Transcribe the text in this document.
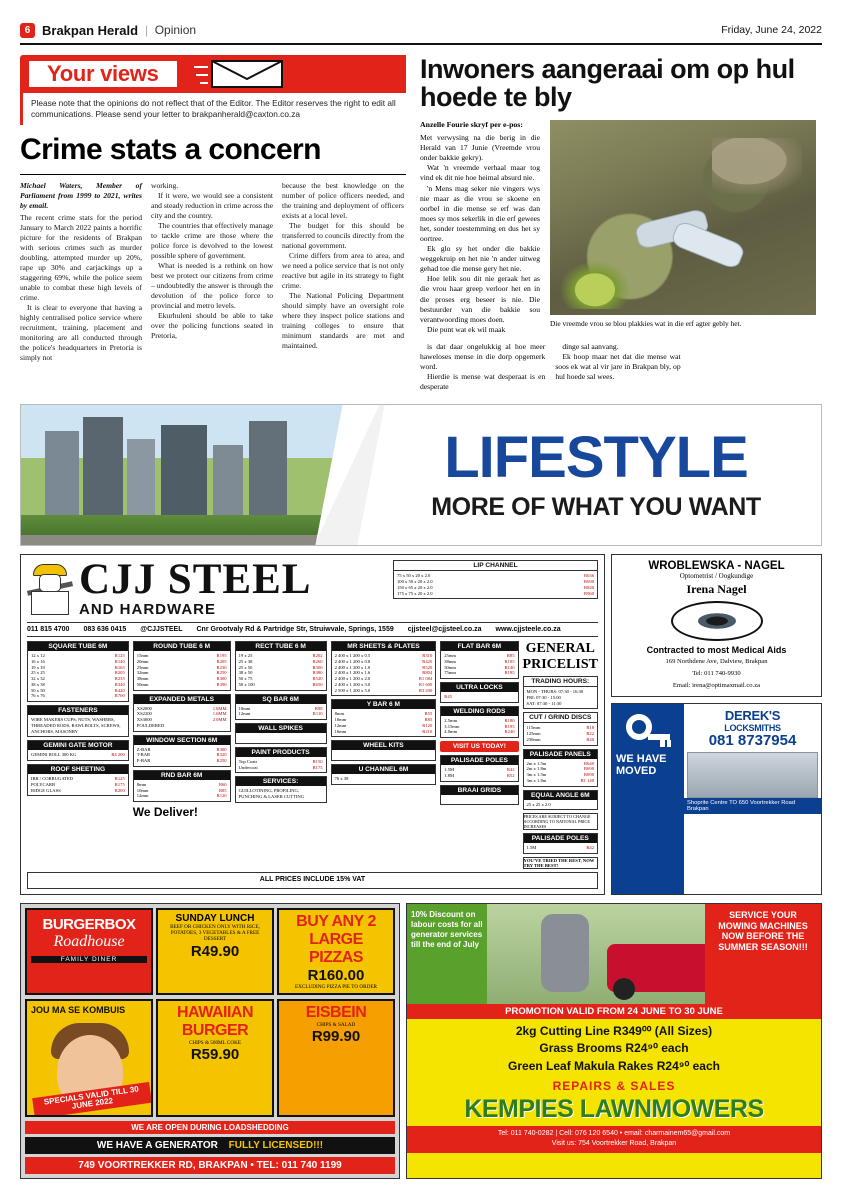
6 Brakpan Herald | Opinion	Friday, June 24, 2022
Your views
Please note that the opinions do not reflect that of the Editor. The Editor reserves the right to edit all communications. Please send your letter to brakpanherald@caxton.co.za
Crime stats a concern
Michael Waters, Member of Parliament from 1999 to 2021, writes by email.

The recent crime stats for the period January to March 2022 paints a horrific picture for the residents of Brakpan with serious crimes such as murder doubling, attempted murder up 20%, rape up 30% and carjackings up a staggering 69%, while the police seem unable to combat these high levels of crime.

It is clear to everyone that having a highly centralised police service where recruitment, training, placement and monitoring are all conducted through the police's headquarters in Pretoria is simply not

working.

If it were, we would see a consistent and steady reduction in crime across the city and the country.

The countries that effectively manage to tackle crime are those where the police force is devolved to the lowest possible sphere of government.

What is needed is a rethink on how best we protect our citizens from crime – undoubtedly the answer is through the devolution of the police force to provincial and metro levels.

Ekurhuleni should be able to take over the policing functions seated in Pretoria,

because the best knowledge on the number of police officers needed, and the training and deployment of officers exists at a local level.

The budget for this should be transferred to councils directly from the national government.

Crime differs from area to area, and we need a police service that is not only reactive but agile in its strategy to fight crime.

The National Policing Department should simply have an oversight role where they inspect police stations and training colleges to ensure that minimum standards are met and maintained.

Inwoners aangeraai om op hul hoede te bly
Anzelle Fourie skryf per e-pos:

Met verwysing na die berig in die Herald van 17 Junie (Vreemde vrou onder bakkie gekry).

Wat 'n vreemde verhaal maar tog vind ek dit nie hoe heimal absurd nie.

'n Mens mag seker nie vingers wys nie maar as die vrou se skoene en oorbel in die mense se erf was dan moes sy mos sekerlik in die erf gewees het, sonder toestemming en dus het sy oortree.

Ek glo sy het onder die bakkie weggekruip en het nie 'n ander uitweg gehad toe die mense gery het nie.

Hoe lelik sou dit nie geraak het as die vrou haar greep verloor het en in die proses erg beseer is nie. Die bestuurder van die bakkie sou verantwoording moes doen.

Die punt wat ek wil maak

Die vreemde vrou se blou plakkies wat in die erf agter gebly het.

is dat daar ongelukkig al hoe meer haweloses mense in die dorp opgemerk word.

Hierdie is mense wat desperaat is en desperate

dinge sal aanvang.

Ek hoop maar net dat die mense wat soos ek wat al vir jare in Brakpan bly, op hul hoede sal wees.

LIFESTYLE
MORE OF WHAT YOU WANT
CJJ STEEL
AND HARDWARE
LIP CHANNEL
75 x 50 x 20 x 2.0	R636
100 x 50 x 20 x 2.0	R690
150 x 65 x 20 x 2.0	R840
175 x 75 x 20 x 2.0	R960
011 815 4700 083 636 0415 @CJJSTEEL Cnr Grootvaly Rd & Partridge Str, Struiwvale, Springs, 1559 cjjsteel@cjjsteel.co.za www.cjjsteele.co.za
SQUARE TUBE 6M
12 x 12	R125
16 x 16	R140
19 x 19	R165
25 x 25	R205
32 x 32	R235
38 x 38	R340
50 x 50	R420
76 x 76	R700
FASTENERS
WIRE MAKERS CUPS, NUTS, WASHERS, THREADED RODS, RAWLBOLTS, SCREWS, ANCHORS, MASONRY
GEMINI GATE MOTOR
GEMINI ROLL 300 KG	R4 200
ROOF SHEETING
IBR / CORRUGATED	R125
POLYCARB	R175
RIDGE GLASS	R200
ROUND TUBE 6 M
15mm	R195
20mm	R205
25mm	R230
32mm	R250
38mm	R300
50mm	R390
EXPANDED METALS
XS2000	1.6MM
XS2200	1.6MM
XS3000	2.0MM
POULDERED
WINDOW SECTION 6M
Z-BAR	R300
T-BAR	R320
F-BAR	R250
RND BAR 6M
8mm	R60
10mm	R85
12mm	R120
We Deliver!
RECT TUBE 6 M
19 x 25	R202
25 x 38	R260
25 x 50	R300
38 x 50	R380
50 x 75	R520
50 x 100	R650
SQ BAR 6M
10mm	R88
12mm	R110
WALL SPIKES

PAINT PRODUCTS
Top Coats	R150
Undercoat	R175
SERVICES:
GUILLOTINING, PROFILING, PUNCHING & LASER CUTTING
MR SHEETS & PLATES
2 400 x 1 200 x 0.5	R310
2 400 x 1 200 x 0.8	R420
2 400 x 1 200 x 1.0	R520
2 400 x 1 200 x 1.6	R804
2 400 x 1 200 x 2.0	R1 084
2 400 x 1 200 x 3.0	R1 600
2 500 x 1 200 x 5.0	R3 200
Y BAR 6 M
8mm	R55
10mm	R85
12mm	R120
16mm	R210
WHEEL KITS

U CHANNEL 6M
76 x 38
FLAT BAR 6M
25mm	R85
38mm	R105
50mm	R140
75mm	R195
ULTRA LOCKS
R45
WELDING RODS
2.5mm	R180
3.15mm	R195
4.0mm	R240
VISIT US TODAY!
PALISADE POLES
1.5M	R42
1.8M	R52
BRAAI GRIDS

GENERAL PRICELIST
TRADING HOURS:
MON - THURS: 07:30 - 16:30
FRI: 07:30 - 15:00
SAT: 07:30 - 11:30
CUT / GRIND DISCS
115mm	R18
125mm	R22
230mm	R40
PALISADE PANELS
2m x 1.5m	R640
2m x 1.8m	R690
3m x 1.5m	R890
3m x 1.8m	R1 140
EQUAL ANGLE 6M
25 x 25 x 2.0
PRICES ARE SUBJECT TO CHANGE ACCORDING TO NATIONAL PRICE INCREASES
PALISADE POLES
1.5M	R42
YOU'VE TRIED THE REST, NOW TRY THE BEST!
ALL PRICES INCLUDE 15% VAT
WROBLEWSKA - NAGEL
Optometrist / Oogkundige
Irena Nagel
Contracted to most Medical Aids
169 Northdene Ave, Dalview, Brakpan
Tel: 011 740-9930
Email: irena@optimaxmail.co.za
WE HAVE MOVED
DEREK'S
LOCKSMITHS
081 8737954
Shoprite Centre TO 650 Voortrekker Road Brakpan
BURGERBOX
Roadhouse
FAMILY DINER
SUNDAY LUNCH
BEEF OR CHICKEN ONLY WITH RICE, POTATOES, 3 VEGETABLES & A FREE DESSERT
R49.90
BUY ANY 2 LARGE PIZZAS
R160.00
EXCLUDING PIZZA PIE TO ORDER
JOU MA SE KOMBUIS
SPECIALS VALID TILL 30 JUNE 2022
HAWAIIAN BURGER
CHIPS & 500ML COKE
R59.90
EISBEIN
CHIPS & SALAD
R99.90
WE ARE OPEN DURING LOADSHEDDING
WE HAVE A GENERATOR FULLY LICENSED!!!
749 VOORTREKKER RD, BRAKPAN • TEL: 011 740 1199
10% Discount on labour costs for all generator services till the end of July
SERVICE YOUR MOWING MACHINES NOW BEFORE THE SUMMER SEASON!!!
PROMOTION VALID FROM 24 JUNE TO 30 JUNE
2kg Cutting Line R349⁰⁰ (All Sizes)
Grass Brooms R24⁹⁰ each
Green Leaf Makula Rakes R24⁹⁰ each
REPAIRS & SALES
KEMPIES LAWNMOWERS
Tel: 011 740-0282 | Cell: 076 120 6540 • email: charmainem65@gmail.com
Visit us: 754 Voortrekker Road, Brakpan
